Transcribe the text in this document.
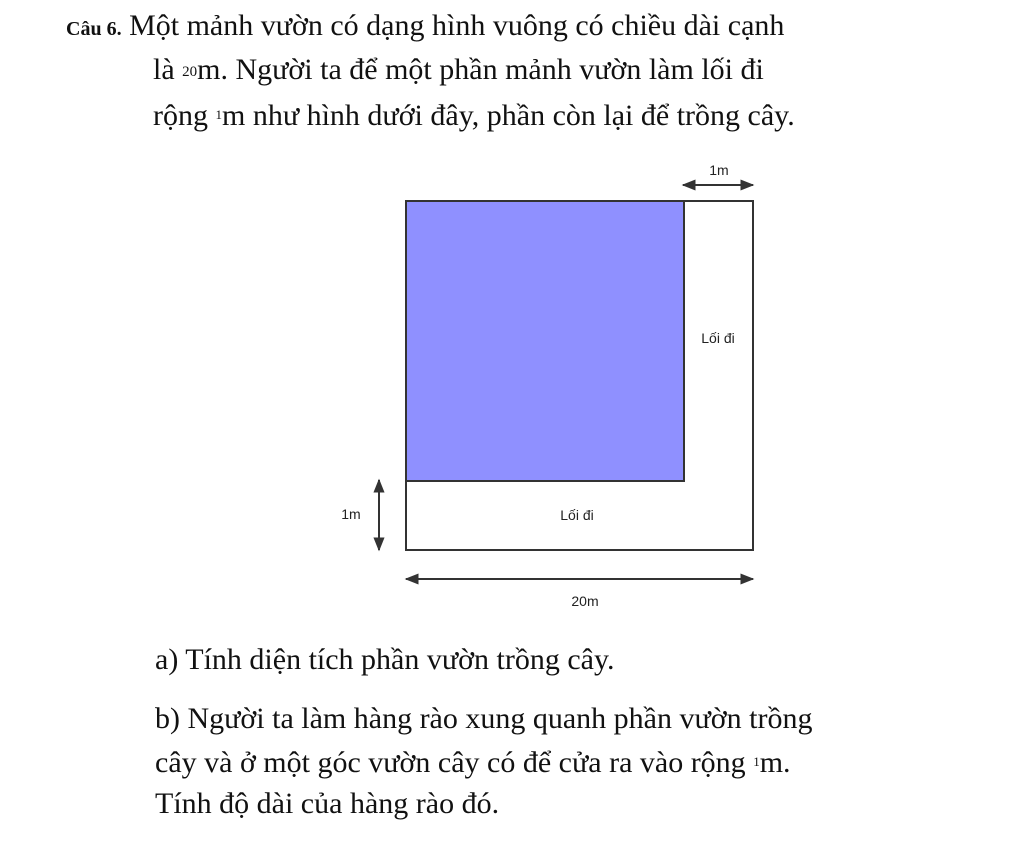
Câu 6. Một mảnh vườn có dạng hình vuông có chiều dài cạnh
là 20m. Người ta để một phần mảnh vườn làm lối đi
rộng $^1$m như hình dưới đây, phần còn lại để trồng cây.
1m
Lối đi
Lối đi
1m
20m
a) Tính diện tích phần vườn trồng cây.
b) Người ta làm hàng rào xung quanh phần vườn trồng
cây và ở một góc vườn cây có để cửa ra vào rộng $^1$m.
Tính độ dài của hàng rào đó.
